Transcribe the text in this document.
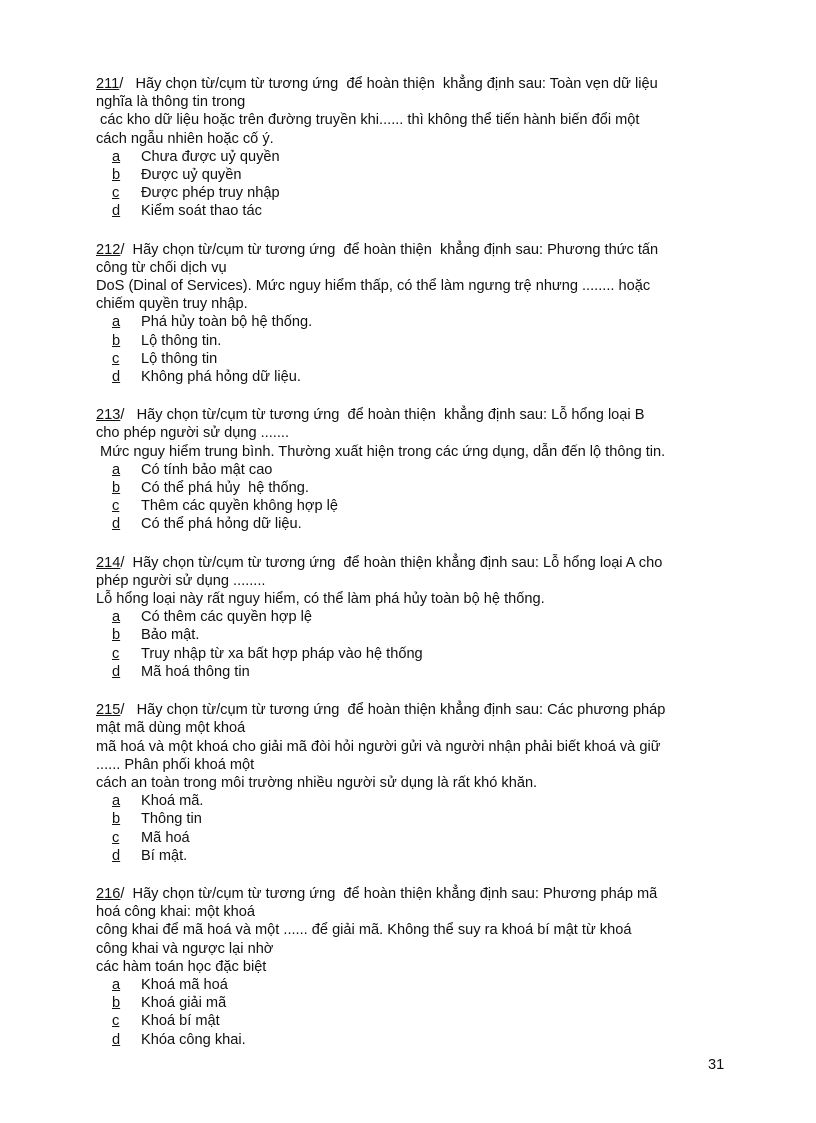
211/   Hãy chọn từ/cụm từ tương ứng  để hoàn thiện  khẳng định sau: Toàn vẹn dữ liệu
nghĩa là thông tin trong
các kho dữ liệu hoặc trên đường truyền khi...... thì không thể tiến hành biến đổi một
cách ngẫu nhiên hoặc cố ý.
a	Chưa được uỷ quyền
b	Được uỷ quyền
c	Được phép truy nhập
d	Kiểm soát thao tác
212/  Hãy chọn từ/cụm từ tương ứng  để hoàn thiện  khẳng định sau: Phương thức tấn
công từ chối dịch vụ
DoS (Dinal of Services). Mức nguy hiểm thấp, có thể làm ngưng trệ nhưng ........ hoặc
chiếm quyền truy nhập.
a	Phá hủy toàn bộ hệ thống.
b	Lộ thông tin.
c	Lộ thông tin
d	Không phá hỏng dữ liệu.
213/   Hãy chọn từ/cụm từ tương ứng  để hoàn thiện  khẳng định sau: Lỗ hổng loại B
cho phép người sử dụng .......
Mức nguy hiểm trung bình. Thường xuất hiện trong các ứng dụng, dẫn đến lộ thông tin.
a	Có tính bảo mật cao
b	Có thể phá hủy  hệ thống.
c	Thêm các quyền không hợp lệ
d	Có thể phá hỏng dữ liệu.
214/  Hãy chọn từ/cụm từ tương ứng  để hoàn thiện khẳng định sau: Lỗ hổng loại A cho
phép người sử dụng ........
Lỗ hổng loại này rất nguy hiểm, có thể làm phá hủy toàn bộ hệ thống.
a	Có thêm các quyền hợp lệ
b	Bảo mật.
c	Truy nhập từ xa bất hợp pháp vào hệ thống
d	Mã hoá thông tin
215/   Hãy chọn từ/cụm từ tương ứng  để hoàn thiện khẳng định sau: Các phương pháp
mật mã dùng một khoá
mã hoá và một khoá cho giải mã đòi hỏi người gửi và người nhận phải biết khoá và giữ
...... Phân phối khoá một
cách an toàn trong môi trường nhiều người sử dụng là rất khó khăn.
a	Khoá mã.
b	Thông tin
c	Mã hoá
d	Bí mật.
216/  Hãy chọn từ/cụm từ tương ứng  để hoàn thiện khẳng định sau: Phương pháp mã
hoá công khai: một khoá
công khai để mã hoá và một ...... để giải mã. Không thể suy ra khoá bí mật từ khoá
công khai và ngược lại nhờ
các hàm toán học đặc biệt
a	Khoá mã hoá
b	Khoá giải mã
c	Khoá bí mật
d	Khóa công khai.
31
